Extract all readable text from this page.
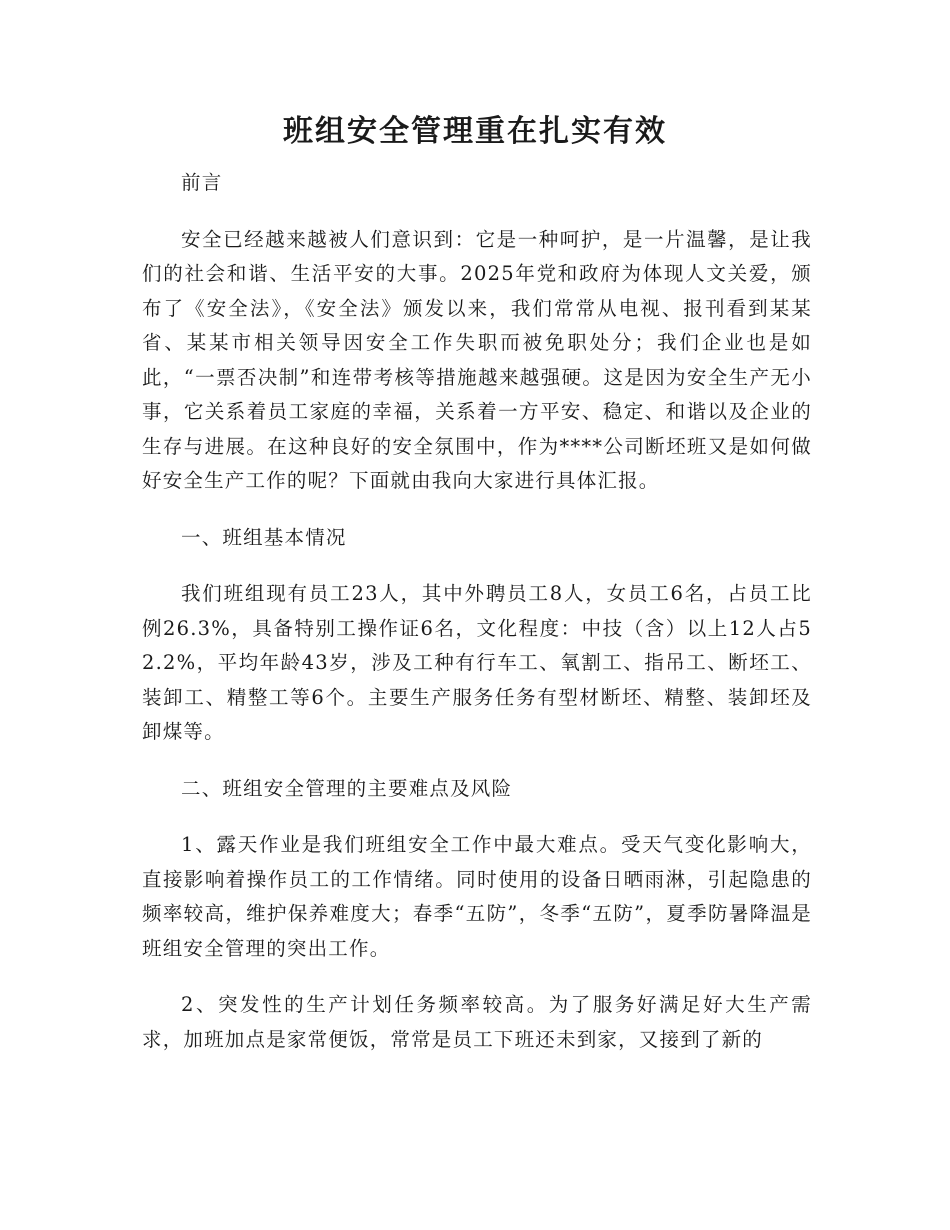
班组安全管理重在扎实有效

前言

安全已经越来越被人们意识到：它是一种呵护，是一片温馨，是让我们的社会和谐、生活平安的大事。2025年党和政府为体现人文关爱，颁布了《安全法》，《安全法》颁发以来，我们常常从电视、报刊看到某某省、某某市相关领导因安全工作失职而被免职处分；我们企业也是如此，“一票否决制”和连带考核等措施越来越强硬。这是因为安全生产无小事，它关系着员工家庭的幸福，关系着一方平安、稳定、和谐以及企业的生存与进展。在这种良好的安全氛围中，作为****公司断坯班又是如何做好安全生产工作的呢？下面就由我向大家进行具体汇报。

一、班组基本情况

我们班组现有员工23人，其中外聘员工8人，女员工6名，占员工比例26.3%，具备特别工操作证6名，文化程度：中技（含）以上12人占52.2%，平均年龄43岁，涉及工种有行车工、氧割工、指吊工、断坯工、装卸工、精整工等6个。主要生产服务任务有型材断坯、精整、装卸坯及卸煤等。

二、班组安全管理的主要难点及风险

1、露天作业是我们班组安全工作中最大难点。受天气变化影响大，直接影响着操作员工的工作情绪。同时使用的设备日晒雨淋，引起隐患的频率较高，维护保养难度大；春季“五防”，冬季“五防”，夏季防暑降温是班组安全管理的突出工作。

2、突发性的生产计划任务频率较高。为了服务好满足好大生产需求，加班加点是家常便饭，常常是员工下班还未到家，又接到了新的
